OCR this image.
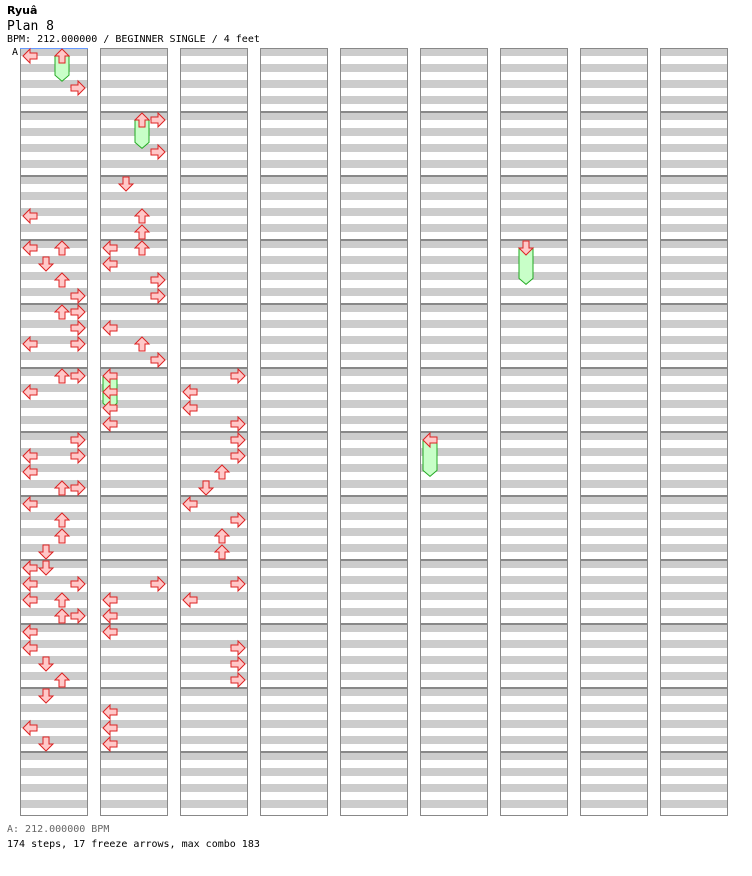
Ryuâ
Plan 8
BPM: 212.000000 / BEGINNER SINGLE / 4 feet
A
A: 212.000000 BPM
174 steps, 17 freeze arrows, max combo 183
